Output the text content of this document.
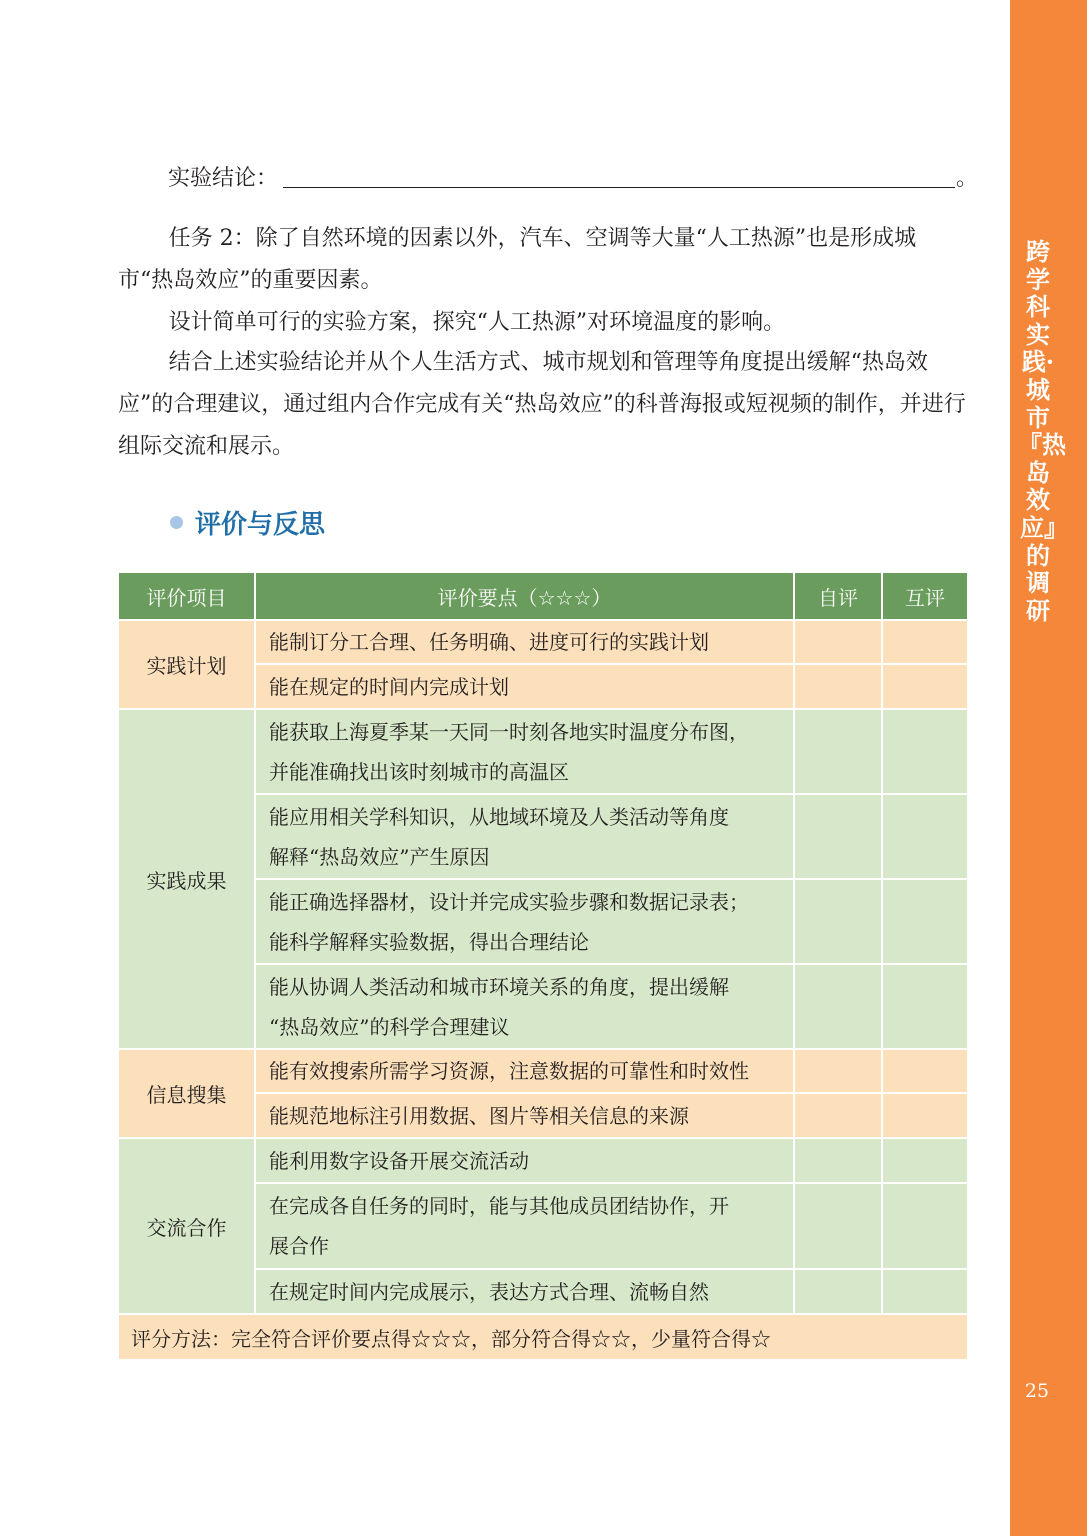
跨学科实践·城市『热岛效应』的调研
25
实验结论：	。

任务 2：除了自然环境的因素以外，汽车、空调等大量“人工热源”也是形成城市“热岛效应”的重要因素。

设计简单可行的实验方案，探究“人工热源”对环境温度的影响。

结合上述实验结论并从个人生活方式、城市规划和管理等角度提出缓解“热岛效应”的合理建议，通过组内合作完成有关“热岛效应”的科普海报或短视频的制作，并进行组际交流和展示。

评价与反思
评价项目	评价要点（☆☆☆）	自评	互评
实践计划	能制订分工合理、任务明确、进度可行的实践计划		
	能在规定的时间内完成计划		
实践成果	能获取上海夏季某一天同一时刻各地实时温度分布图，
并能准确找出该时刻城市的高温区		
	能应用相关学科知识，从地域环境及人类活动等角度
解释“热岛效应”产生原因		
	能正确选择器材，设计并完成实验步骤和数据记录表；
能科学解释实验数据，得出合理结论		
	能从协调人类活动和城市环境关系的角度，提出缓解
“热岛效应”的科学合理建议		
信息搜集	能有效搜索所需学习资源，注意数据的可靠性和时效性		
	能规范地标注引用数据、图片等相关信息的来源		
交流合作	能利用数字设备开展交流活动		
	在完成各自任务的同时，能与其他成员团结协作，开
展合作		
	在规定时间内完成展示，表达方式合理、流畅自然		
评分方法：完全符合评价要点得☆☆☆，部分符合得☆☆，少量符合得☆			
